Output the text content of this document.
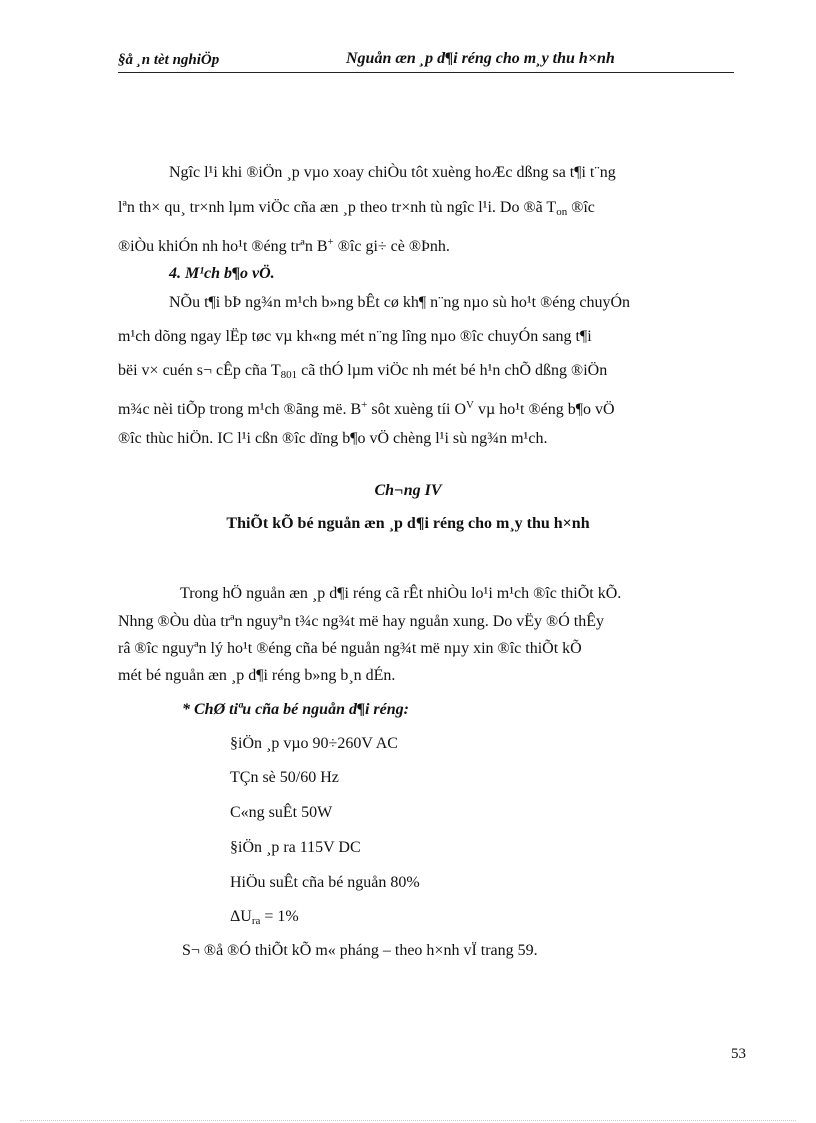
§å ¸n tèt nghiÖp	Nguån æn ¸p d¶i réng cho m¸y thu h×nh
Ngîc l¹i khi ®iÖn ¸p vµo xoay chiÒu tôt xuèng hoÆc dßng sa t¶i t¨ng
lªn th× qu¸ tr×nh lµm viÖc cña æn ¸p theo tr×nh tù ngîc l¹i. Do ®ã $T_{on}$ ®îc
®iÒu khiÓn nh ho¹t ®éng trªn B+ ®îc gi÷ cè ®Þnh.
4. M¹ch b¶o vÖ.
NÕu t¶i bÞ ng¾n m¹ch b»ng bÊt cø kh¶ n¨ng nµo sù ho¹t ®éng chuyÓn
m¹ch dõng ngay lËp tøc vµ kh«ng mét n¨ng lîng nµo ®îc chuyÓn sang t¶i
bëi v× cuén s¬ cÊp cña $T_{801}$ cã thÓ lµm viÖc nh mét bé h¹n chÕ dßng ®iÖn
m¾c nèi tiÕp trong m¹ch ®ãng më. B+ sôt xuèng tíi $O^V$ vµ ho¹t ®éng b¶o vÖ
®îc thùc hiÖn. IC l¹i cßn ®îc dïng b¶o vÖ chèng l¹i sù ng¾n m¹ch.
Ch¬ng IV
ThiÕt kÕ bé nguån æn ¸p d¶i réng cho m¸y thu h×nh
Trong hÖ nguån æn ¸p d¶i réng cã rÊt nhiÒu lo¹i m¹ch ®îc thiÕt kÕ.
Nhng ®Òu dùa trªn nguyªn t¾c ng¾t më hay nguån xung. Do vËy ®Ó thÊy
râ ®îc nguyªn lý ho¹t ®éng cña bé nguån ng¾t më nµy xin ®îc thiÕt kÕ
mét bé nguån æn ¸p d¶i réng b»ng b¸n dÉn.
* ChØ tiªu cña bé nguån d¶i réng:
§iÖn ¸p vµo 90÷260V AC
TÇn sè 50/60 Hz
C«ng suÊt 50W
§iÖn ¸p ra 115V DC
HiÖu suÊt cña bé nguån 80%
$\Delta U_{ra} = 1\%$
S¬ ®å ®Ó thiÕt kÕ m« pháng – theo h×nh vÏ trang 59.
53
